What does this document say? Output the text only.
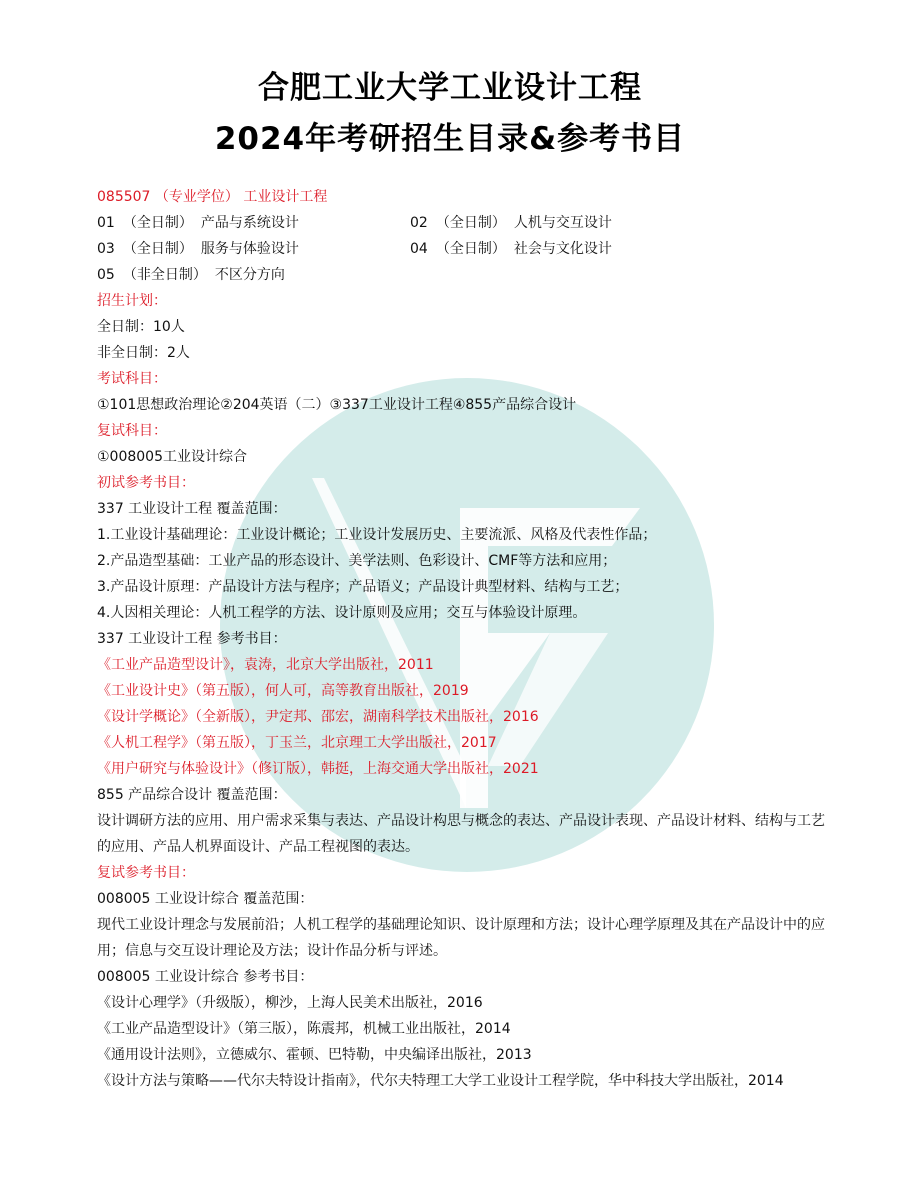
合肥工业大学工业设计工程
2024年考研招生目录&参考书目
085507 （专业学位） 工业设计工程
01 （全日制） 产品与系统设计	02 （全日制） 人机与交互设计
03 （全日制） 服务与体验设计	04 （全日制） 社会与文化设计
05 （非全日制） 不区分方向
招生计划：
全日制：10人
非全日制：2人
考试科目：
①101思想政治理论②204英语（二）③337工业设计工程④855产品综合设计
复试科目：
①008005工业设计综合
初试参考书目：
337 工业设计工程 覆盖范围：
1.工业设计基础理论：工业设计概论；工业设计发展历史、主要流派、风格及代表性作品；
2.产品造型基础：工业产品的形态设计、美学法则、色彩设计、CMF等方法和应用；
3.产品设计原理：产品设计方法与程序；产品语义；产品设计典型材料、结构与工艺；
4.人因相关理论：人机工程学的方法、设计原则及应用；交互与体验设计原理。
337 工业设计工程 参考书目：
《工业产品造型设计》，袁涛，北京大学出版社，2011
《工业设计史》（第五版），何人可，高等教育出版社，2019
《设计学概论》（全新版），尹定邦、邵宏，湖南科学技术出版社，2016
《人机工程学》（第五版），丁玉兰，北京理工大学出版社，2017
《用户研究与体验设计》（修订版），韩挺，上海交通大学出版社，2021
855 产品综合设计 覆盖范围：
设计调研方法的应用、用户需求采集与表达、产品设计构思与概念的表达、产品设计表现、产品设计材料、结构与工艺的应用、产品人机界面设计、产品工程视图的表达。
复试参考书目：
008005 工业设计综合 覆盖范围：
现代工业设计理念与发展前沿；人机工程学的基础理论知识、设计原理和方法；设计心理学原理及其在产品设计中的应用；信息与交互设计理论及方法；设计作品分析与评述。
008005 工业设计综合 参考书目：
《设计心理学》（升级版），柳沙，上海人民美术出版社，2016
《工业产品造型设计》（第三版），陈震邦，机械工业出版社，2014
《通用设计法则》，立德威尔、霍顿、巴特勒，中央编译出版社，2013
《设计方法与策略——代尔夫特设计指南》，代尔夫特理工大学工业设计工程学院，华中科技大学出版社，2014
